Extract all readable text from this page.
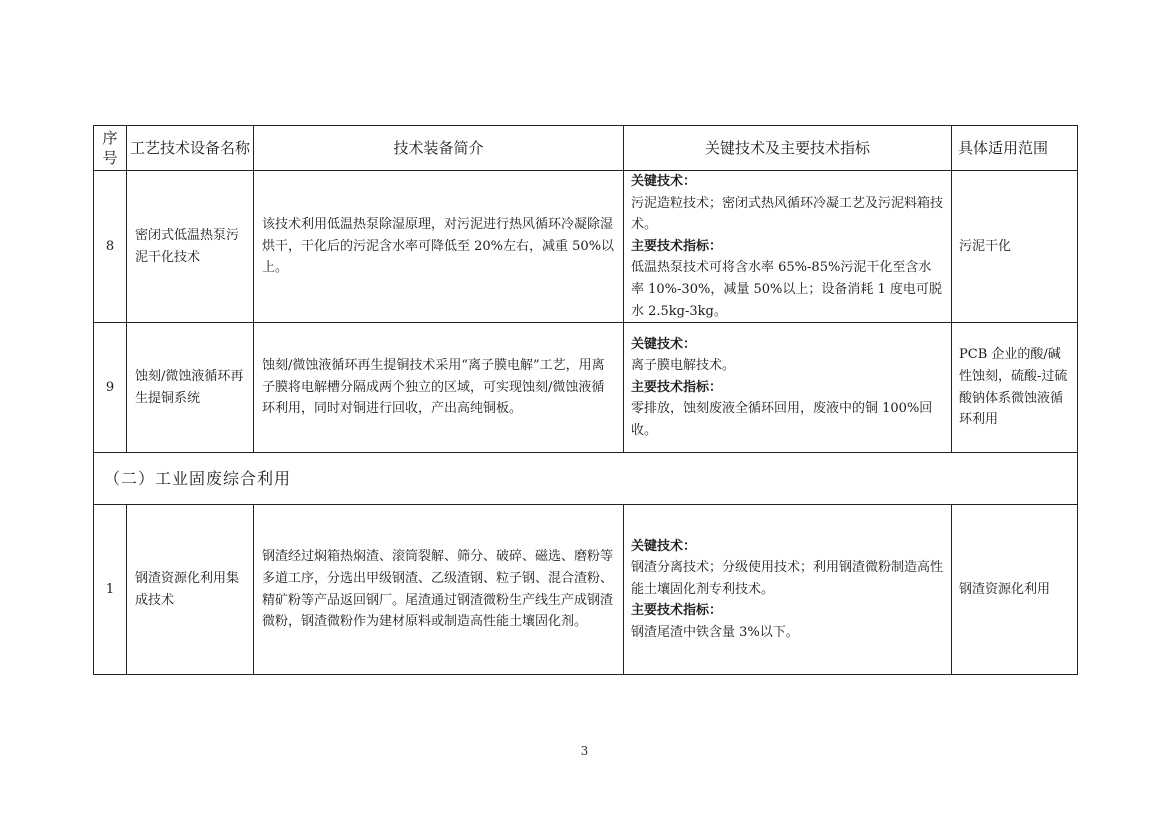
序号	工艺技术设备名称	技术装备简介	关键技术及主要技术指标	具体适用范围
8	密闭式低温热泵污泥干化技术	该技术利用低温热泵除湿原理，对污泥进行热风循环冷凝除湿烘干，干化后的污泥含水率可降低至 20%左右，减重 50%以上。	关键技术：
污泥造粒技术；密闭式热风循环冷凝工艺及污泥料箱技术。
主要技术指标：
低温热泵技术可将含水率 65%-85%污泥干化至含水率 10%-30%，减量 50%以上；设备消耗 1 度电可脱水 2.5kg-3kg。	污泥干化
9	蚀刻/微蚀液循环再生提铜系统	蚀刻/微蚀液循环再生提铜技术采用“离子膜电解”工艺，用离子膜将电解槽分隔成两个独立的区域，可实现蚀刻/微蚀液循环利用，同时对铜进行回收，产出高纯铜板。	关键技术：
离子膜电解技术。
主要技术指标：
零排放，蚀刻废液全循环回用，废液中的铜 100%回收。	PCB 企业的酸/碱性蚀刻，硫酸-过硫酸钠体系微蚀液循环利用
（二）工业固废综合利用				
1	钢渣资源化利用集成技术	钢渣经过焖箱热焖渣、滚筒裂解、筛分、破碎、磁选、磨粉等多道工序，分选出甲级钢渣、乙级渣钢、粒子钢、混合渣粉、精矿粉等产品返回钢厂。尾渣通过钢渣微粉生产线生产成钢渣微粉，钢渣微粉作为建材原料或制造高性能土壤固化剂。	关键技术：
钢渣分离技术；分级使用技术；利用钢渣微粉制造高性能土壤固化剂专利技术。
主要技术指标：
钢渣尾渣中铁含量 3%以下。	钢渣资源化利用
3
